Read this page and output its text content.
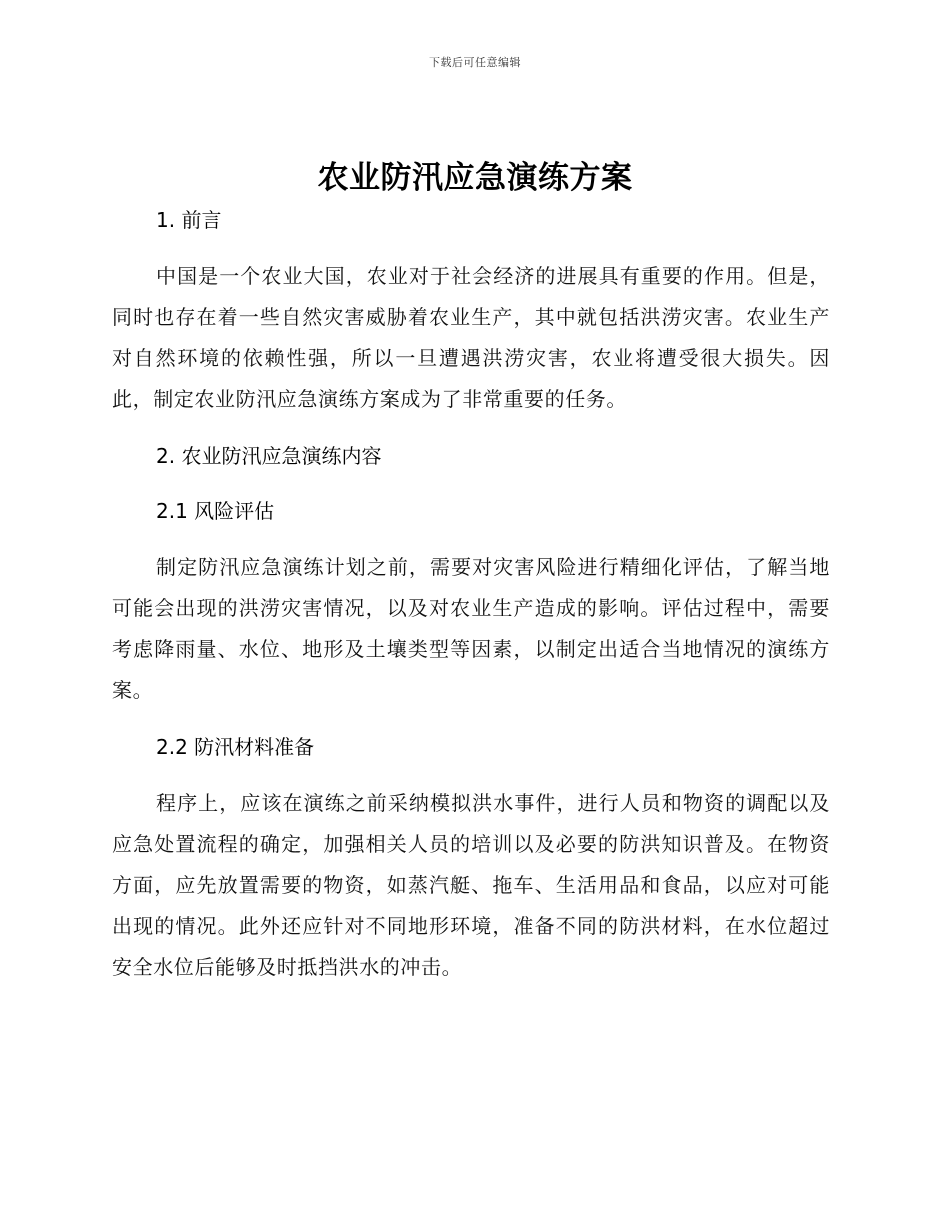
下载后可任意编辑
农业防汛应急演练方案
1. 前言

中国是一个农业大国，农业对于社会经济的进展具有重要的作用。但是，同时也存在着一些自然灾害威胁着农业生产，其中就包括洪涝灾害。农业生产对自然环境的依赖性强，所以一旦遭遇洪涝灾害，农业将遭受很大损失。因此，制定农业防汛应急演练方案成为了非常重要的任务。

2. 农业防汛应急演练内容
2.1 风险评估

制定防汛应急演练计划之前，需要对灾害风险进行精细化评估，了解当地可能会出现的洪涝灾害情况，以及对农业生产造成的影响。评估过程中，需要考虑降雨量、水位、地形及土壤类型等因素，以制定出适合当地情况的演练方案。

2.2 防汛材料准备

程序上，应该在演练之前采纳模拟洪水事件，进行人员和物资的调配以及应急处置流程的确定，加强相关人员的培训以及必要的防洪知识普及。在物资方面，应先放置需要的物资，如蒸汽艇、拖车、生活用品和食品，以应对可能出现的情况。此外还应针对不同地形环境，准备不同的防洪材料，在水位超过安全水位后能够及时抵挡洪水的冲击。
